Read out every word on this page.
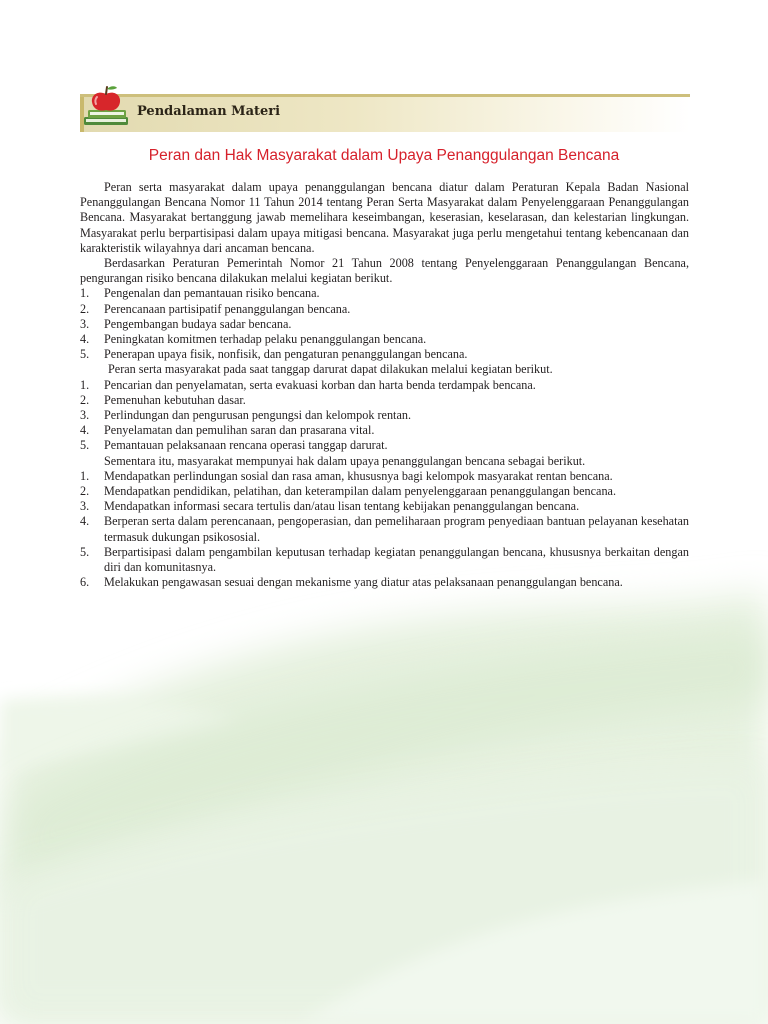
Pendalaman Materi
Peran dan Hak Masyarakat dalam Upaya Penanggulangan Bencana

Peran serta masyarakat dalam upaya penanggulangan bencana diatur dalam Peraturan Kepala Badan Nasional Penanggulangan Bencana Nomor 11 Tahun 2014 tentang Peran Serta Masyarakat dalam Penyelenggaraan Penanggulangan Bencana. Masyarakat bertanggung jawab memelihara keseimbangan, keserasian, keselarasan, dan kelestarian lingkungan. Masyarakat perlu berpartisipasi dalam upaya mitigasi bencana. Masyarakat juga perlu mengetahui tentang kebencanaan dan karakteristik wilayahnya dari ancaman bencana.

Berdasarkan Peraturan Pemerintah Nomor 21 Tahun 2008 tentang Penyelenggaraan Penanggulangan Bencana, pengurangan risiko bencana dilakukan melalui kegiatan berikut.

1. Pengenalan dan pemantauan risiko bencana.
2. Perencanaan partisipatif penanggulangan bencana.
3. Pengembangan budaya sadar bencana.
4. Peningkatan komitmen terhadap pelaku penanggulangan bencana.
5. Penerapan upaya fisik, nonfisik, dan pengaturan penanggulangan bencana.

Peran serta masyarakat pada saat tanggap darurat dapat dilakukan melalui kegiatan berikut.

1. Pencarian dan penyelamatan, serta evakuasi korban dan harta benda terdampak bencana.
2. Pemenuhan kebutuhan dasar.
3. Perlindungan dan pengurusan pengungsi dan kelompok rentan.
4. Penyelamatan dan pemulihan saran dan prasarana vital.
5. Pemantauan pelaksanaan rencana operasi tanggap darurat.

Sementara itu, masyarakat mempunyai hak dalam upaya penanggulangan bencana sebagai berikut.

1. Mendapatkan perlindungan sosial dan rasa aman, khususnya bagi kelompok masyarakat rentan bencana.
2. Mendapatkan pendidikan, pelatihan, dan keterampilan dalam penyelenggaraan penanggulangan bencana.
3. Mendapatkan informasi secara tertulis dan/atau lisan tentang kebijakan penanggulangan bencana.
4. Berperan serta dalam perencanaan, pengoperasian, dan pemeliharaan program penyediaan bantuan pelayanan kesehatan termasuk dukungan psikososial.
5. Berpartisipasi dalam pengambilan keputusan terhadap kegiatan penanggulangan bencana, khususnya berkaitan dengan diri dan komunitasnya.
6. Melakukan pengawasan sesuai dengan mekanisme yang diatur atas pelaksanaan penanggulangan bencana.
